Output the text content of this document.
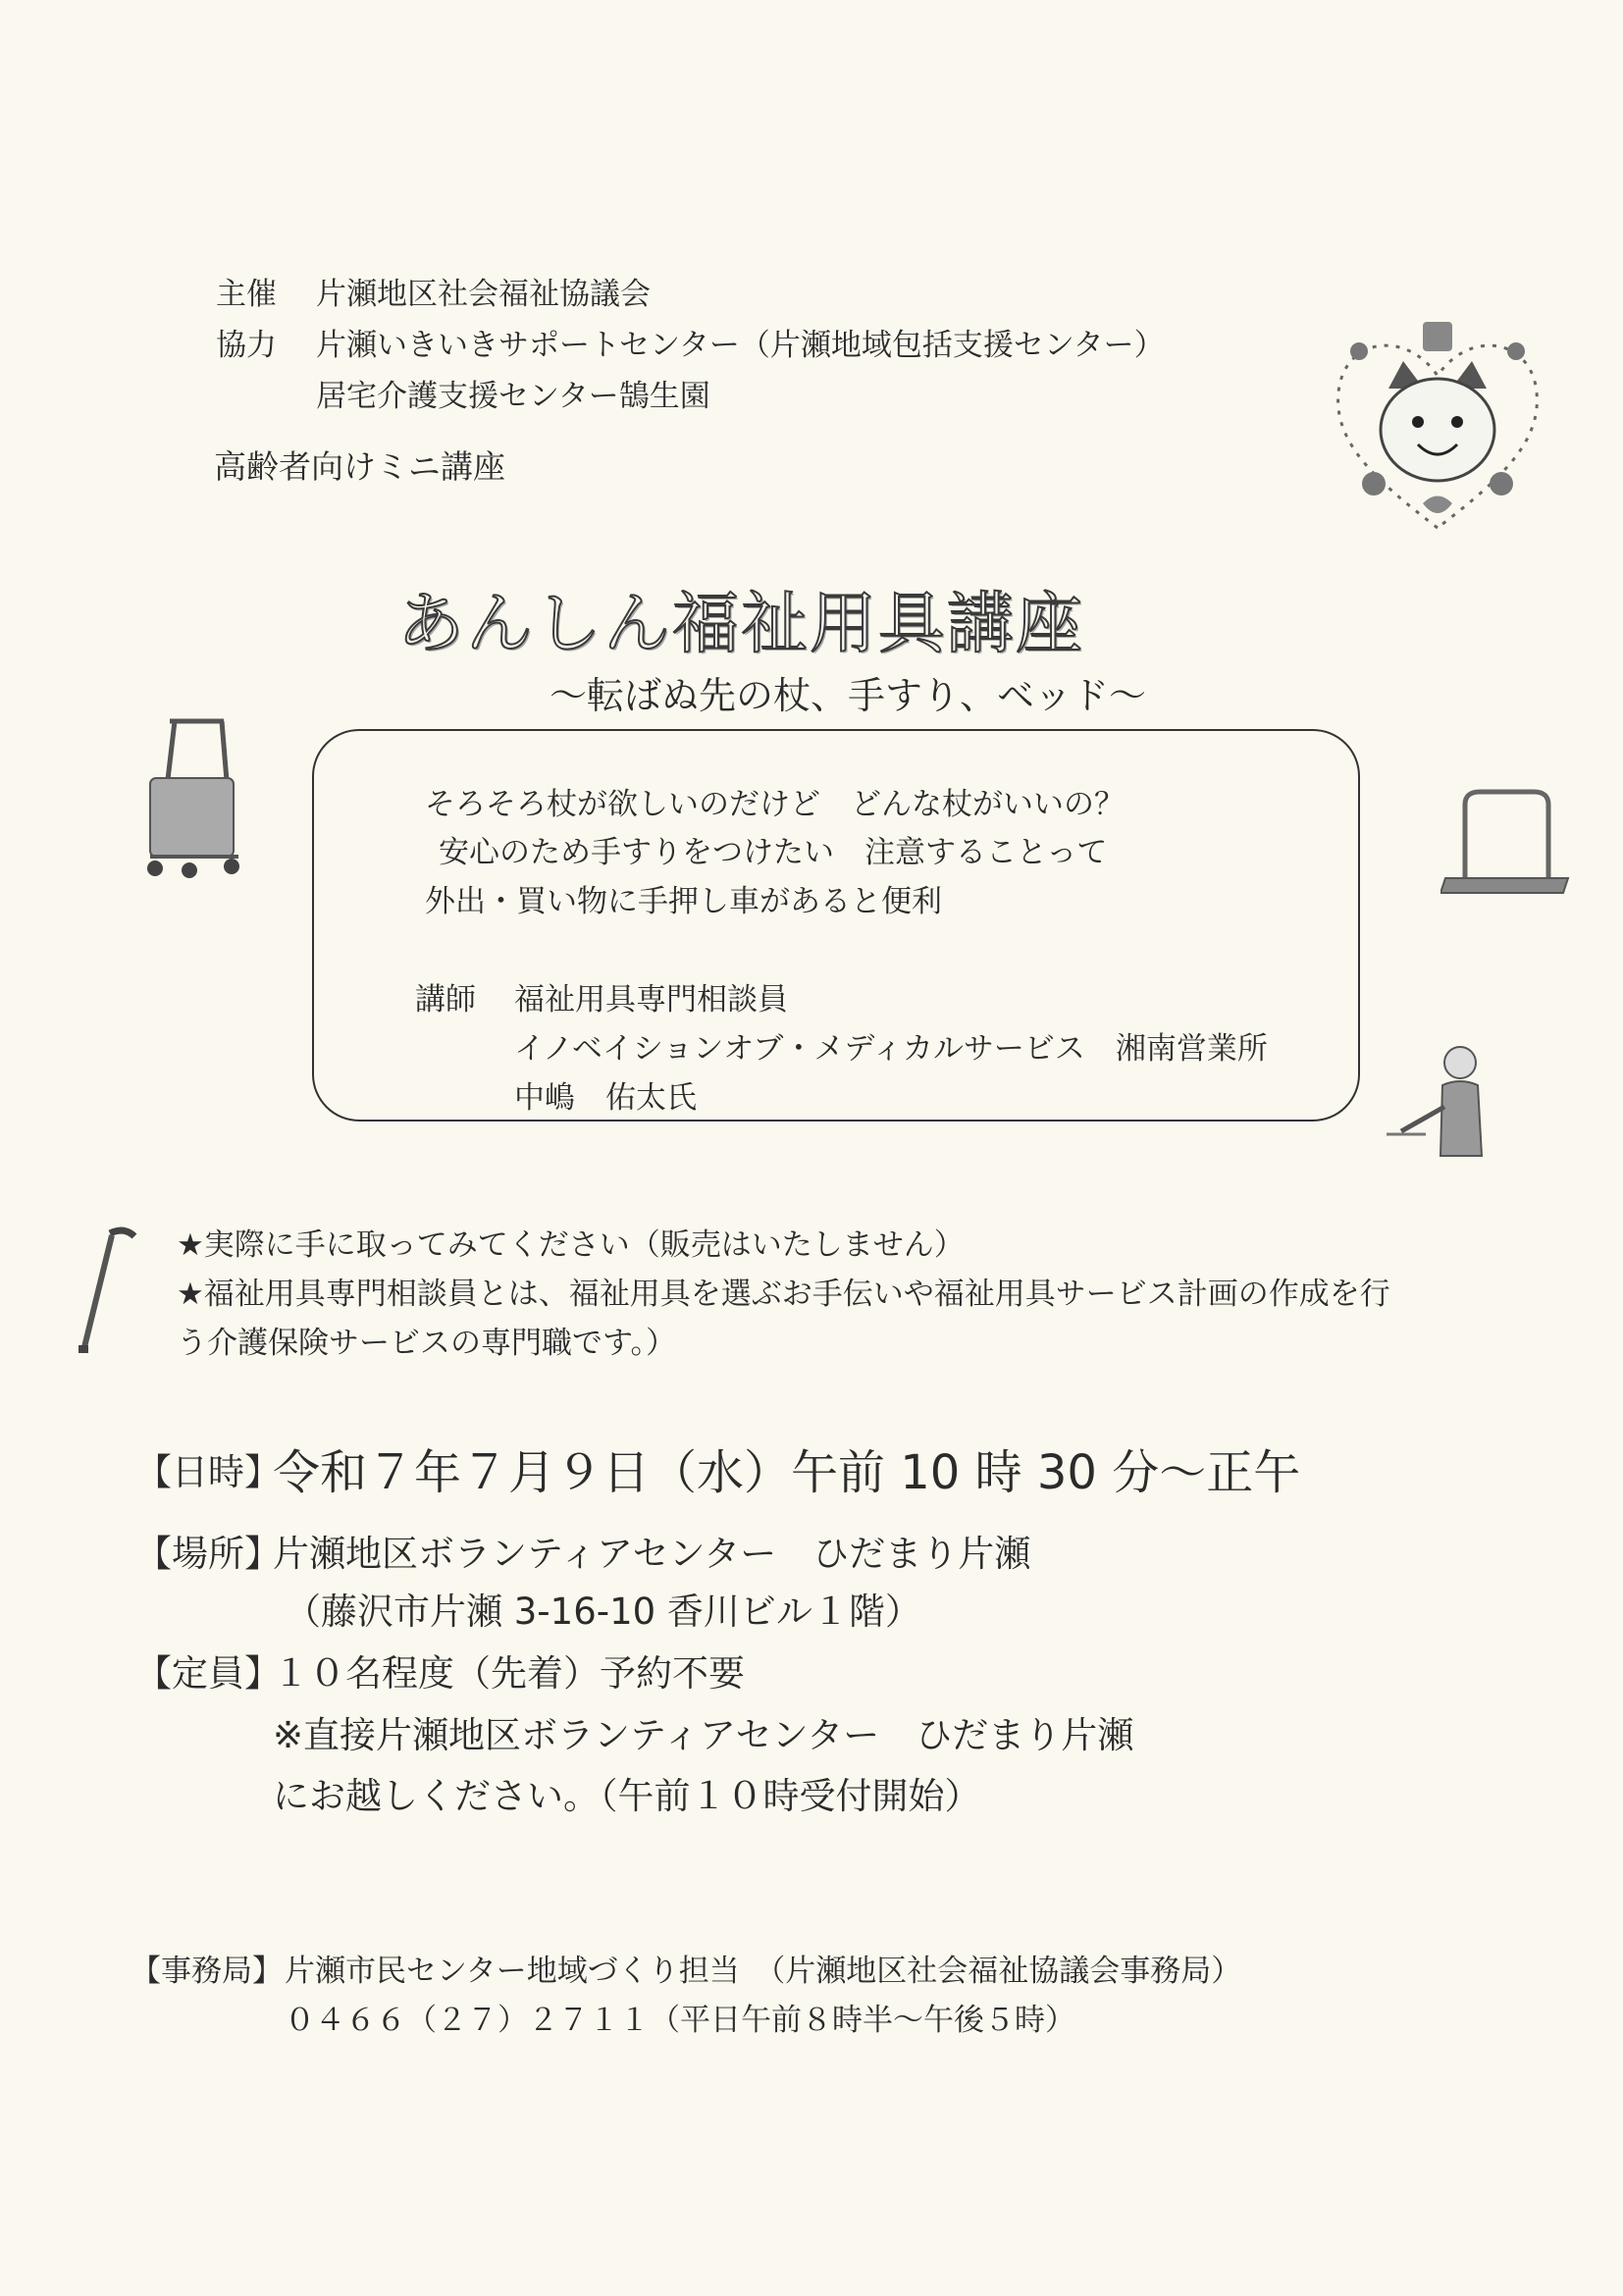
主催 片瀬地区社会福祉協議会
協力 片瀬いきいきサポートセンター（片瀬地域包括支援センター）
居宅介護支援センター鵠生園
高齢者向けミニ講座
あんしん福祉用具講座
～転ばぬ先の杖、手すり、ベッド～
そろそろ杖が欲しいのだけど　どんな杖がいいの？
安心のため手すりをつけたい　注意することって
外出・買い物に手押し車があると便利
講師 福祉用具専門相談員
イノベイションオブ・メディカルサービス　湘南営業所
中嶋　佑太氏
★実際に手に取ってみてください（販売はいたしません）
★福祉用具専門相談員とは、福祉用具を選ぶお手伝いや福祉用具サービス計画の作成を行
う介護保険サービスの専門職です。）
【日時】
令和７年７月９日（水）午前 10 時 30 分～正午
【場所】
片瀬地区ボランティアセンター　ひだまり片瀬
（藤沢市片瀬 3-16-10 香川ビル１階）
【定員】
１０名程度（先着）予約不要
※直接片瀬地区ボランティアセンター　ひだまり片瀬
にお越しください。（午前１０時受付開始）
【事務局】 片瀬市民センター地域づくり担当　（片瀬地区社会福祉協議会事務局）
０４６６（２７）２７１１（平日午前８時半～午後５時）
